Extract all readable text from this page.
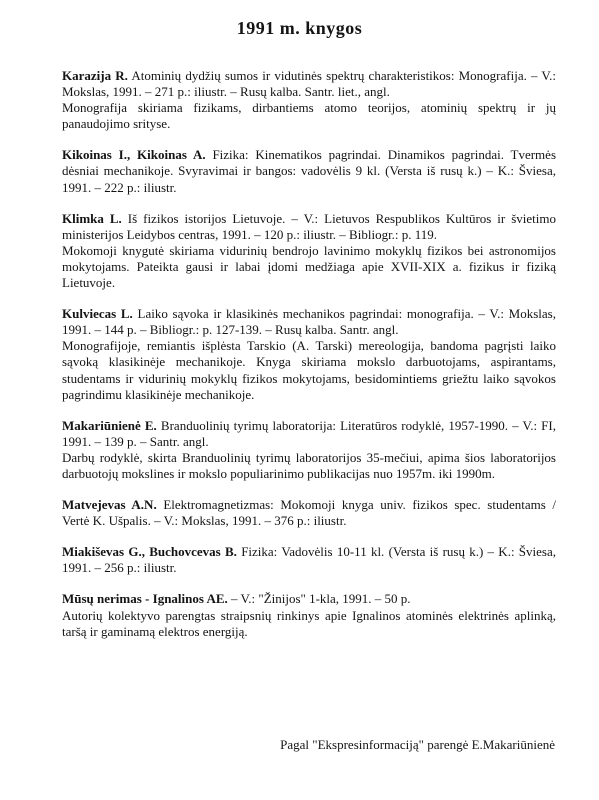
1991 m. knygos

Karazija R. Atominių dydžių sumos ir vidutinės spektrų charakteristikos: Monografija. – V.: Mokslas, 1991. – 271 p.: iliustr. – Rusų kalba. Santr. liet., angl.

Monografija skiriama fizikams, dirbantiems atomo teorijos, atominių spektrų ir jų panaudojimo srityse.

Kikoinas I., Kikoinas A. Fizika: Kinematikos pagrindai. Dinamikos pagrindai. Tvermės dėsniai mechanikoje. Svyravimai ir bangos: vadovėlis 9 kl. (Versta iš rusų k.) – K.: Šviesa, 1991. – 222 p.: iliustr.

Klimka L. Iš fizikos istorijos Lietuvoje. – V.: Lietuvos Respublikos Kultūros ir švietimo ministerijos Leidybos centras, 1991. – 120 p.: iliustr. – Bibliogr.: p. 119.

Mokomoji knygutė skiriama vidurinių bendrojo lavinimo mokyklų fizikos bei astronomijos mokytojams. Pateikta gausi ir labai įdomi medžiaga apie XVII-XIX a. fizikus ir fiziką Lietuvoje.

Kulviecas L. Laiko sąvoka ir klasikinės mechanikos pagrindai: monografija. – V.: Mokslas, 1991. – 144 p. – Bibliogr.: p. 127-139. – Rusų kalba. Santr. angl.

Monografijoje, remiantis išplėsta Tarskio (A. Tarski) mereologija, bandoma pagrįsti laiko sąvoką klasikinėje mechanikoje. Knyga skiriama mokslo darbuotojams, aspirantams, studentams ir vidurinių mokyklų fizikos mokytojams, besidomintiems griežtu laiko sąvokos pagrindimu klasikinėje mechanikoje.

Makariūnienė E. Branduolinių tyrimų laboratorija: Literatūros rodyklė, 1957-1990. – V.: FI, 1991. – 139 p. – Santr. angl.

Darbų rodyklė, skirta Branduolinių tyrimų laboratorijos 35-mečiui, apima šios laboratorijos darbuotojų mokslines ir mokslo populiarinimo publikacijas nuo 1957m. iki 1990m.

Matvejevas A.N. Elektromagnetizmas: Mokomoji knyga univ. fizikos spec. studentams / Vertė K. Ušpalis. – V.: Mokslas, 1991. – 376 p.: iliustr.

Miakiševas G., Buchovcevas B. Fizika: Vadovėlis 10-11 kl. (Versta iš rusų k.) – K.: Šviesa, 1991. – 256 p.: iliustr.

Mūsų nerimas - Ignalinos AE. – V.: "Žinijos" 1-kla, 1991. – 50 p.

Autorių kolektyvo parengtas straipsnių rinkinys apie Ignalinos atominės elektrinės aplinką, taršą ir gaminamą elektros energiją.

Pagal "Ekspresinformaciją" parengė E.Makariūnienė
